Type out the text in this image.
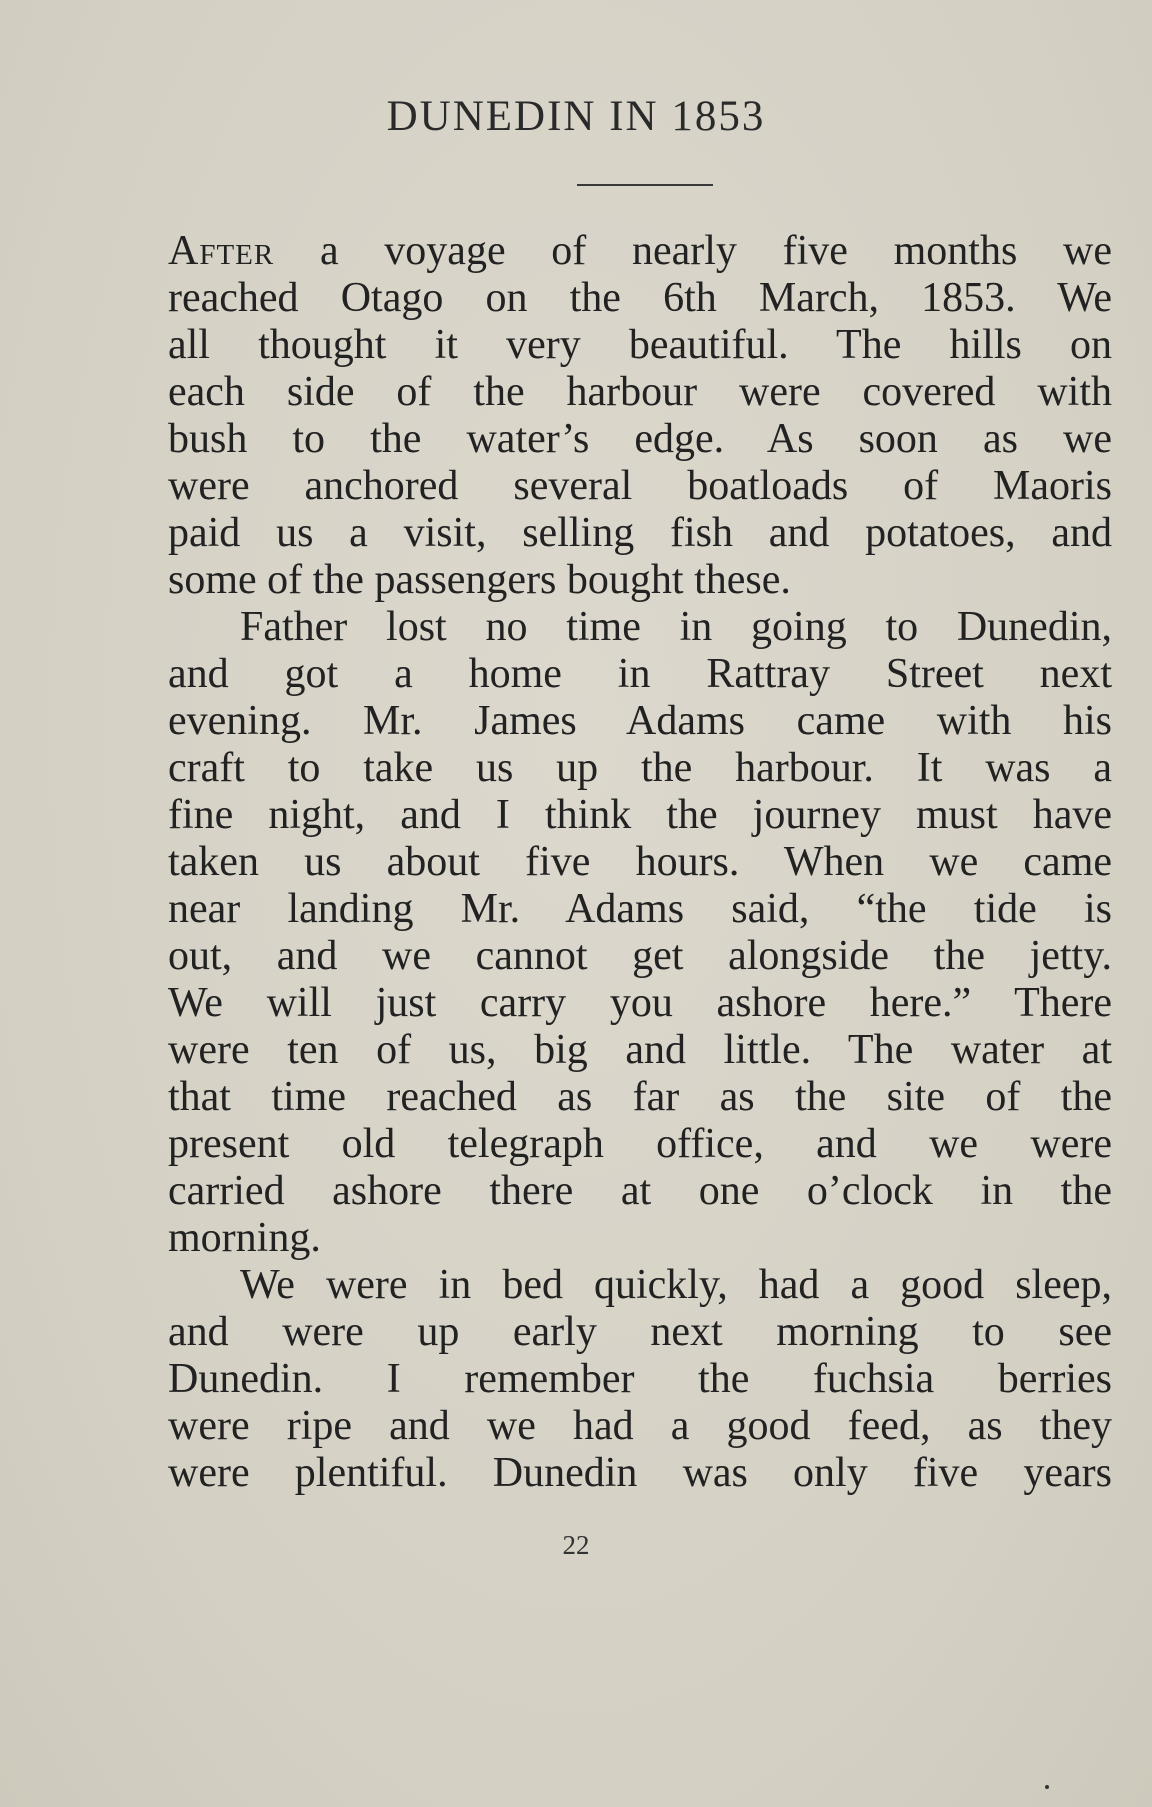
DUNEDIN IN 1853
After a voyage of nearly five months we
reached Otago on the 6th March, 1853. We
all thought it very beautiful. The hills on
each side of the harbour were covered with
bush to the water’s edge. As soon as we
were anchored several boatloads of Maoris
paid us a visit, selling fish and potatoes, and
some of the passengers bought these.
Father lost no time in going to Dunedin,
and got a home in Rattray Street next
evening. Mr. James Adams came with his
craft to take us up the harbour. It was a
fine night, and I think the journey must have
taken us about five hours. When we came
near landing Mr. Adams said, “the tide is
out, and we cannot get alongside the jetty.
We will just carry you ashore here.” There
were ten of us, big and little. The water at
that time reached as far as the site of the
present old telegraph office, and we were
carried ashore there at one o’clock in the
morning.
We were in bed quickly, had a good sleep,
and were up early next morning to see
Dunedin. I remember the fuchsia berries
were ripe and we had a good feed, as they
were plentiful. Dunedin was only five years
22
